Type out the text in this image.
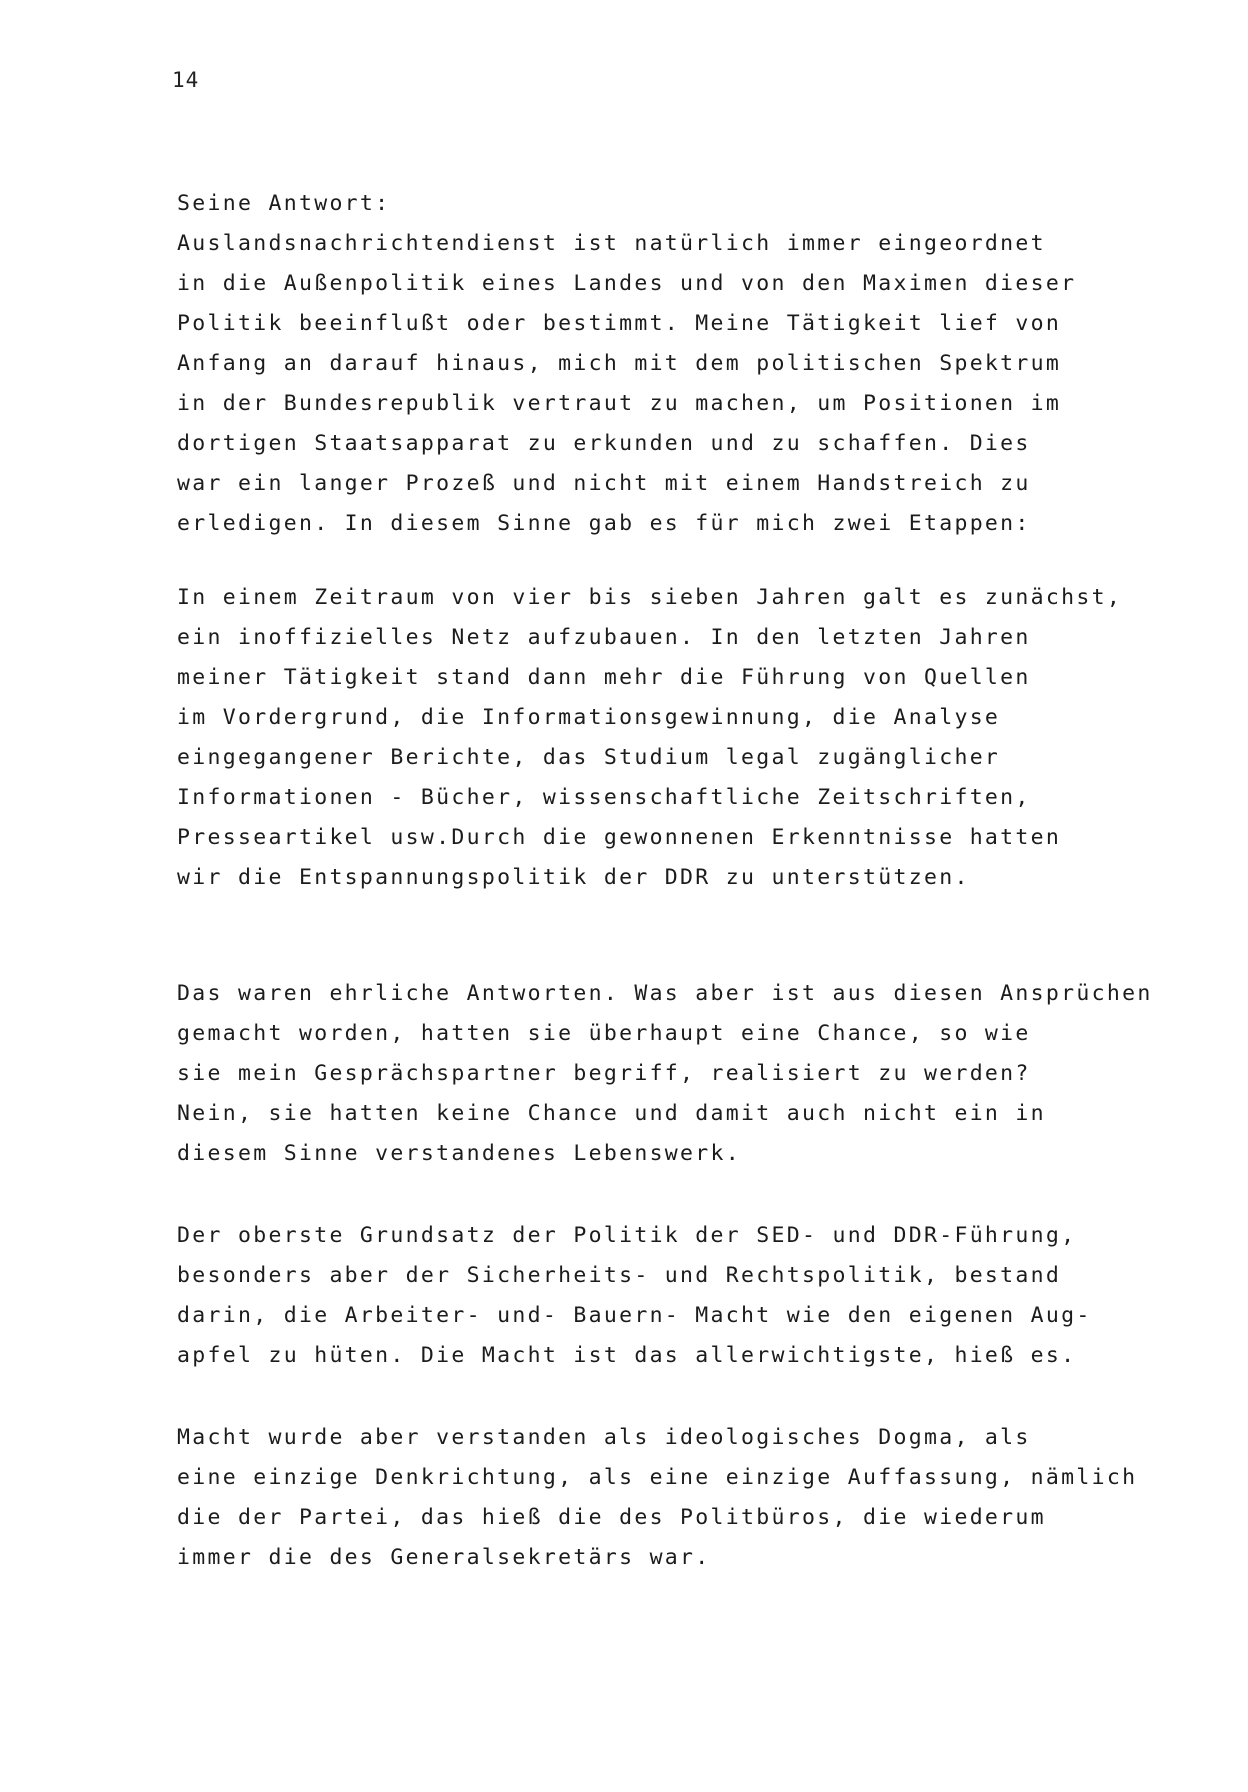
14

Seine Antwort:
Auslandsnachrichtendienst ist natürlich immer eingeordnet
in die Außenpolitik eines Landes und von den Maximen dieser
Politik beeinflußt oder bestimmt. Meine Tätigkeit lief von
Anfang an darauf hinaus, mich mit dem politischen Spektrum
in der Bundesrepublik vertraut zu machen, um Positionen im
dortigen Staatsapparat zu erkunden und zu schaffen. Dies
war ein langer Prozeß und nicht mit einem Handstreich zu
erledigen. In diesem Sinne gab es für mich zwei Etappen:

In einem Zeitraum von vier bis sieben Jahren galt es zunächst,
ein inoffizielles Netz aufzubauen. In den letzten Jahren
meiner Tätigkeit stand dann mehr die Führung von Quellen
im Vordergrund, die Informationsgewinnung, die Analyse
eingegangener Berichte, das Studium legal zugänglicher
Informationen - Bücher, wissenschaftliche Zeitschriften,
Presseartikel usw.Durch die gewonnenen Erkenntnisse hatten
wir die Entspannungspolitik der DDR zu unterstützen.

Das waren ehrliche Antworten. Was aber ist aus diesen Ansprüchen
gemacht worden, hatten sie überhaupt eine Chance, so wie
sie mein Gesprächspartner begriff, realisiert zu werden?
Nein, sie hatten keine Chance und damit auch nicht ein in
diesem Sinne verstandenes Lebenswerk.

Der oberste Grundsatz der Politik der SED- und DDR-Führung,
besonders aber der Sicherheits- und Rechtspolitik, bestand
darin, die Arbeiter- und- Bauern- Macht wie den eigenen Aug-
apfel zu hüten. Die Macht ist das allerwichtigste, hieß es.

Macht wurde aber verstanden als ideologisches Dogma, als
eine einzige Denkrichtung, als eine einzige Auffassung, nämlich
die der Partei, das hieß die des Politbüros, die wiederum
immer die des Generalsekretärs war.
